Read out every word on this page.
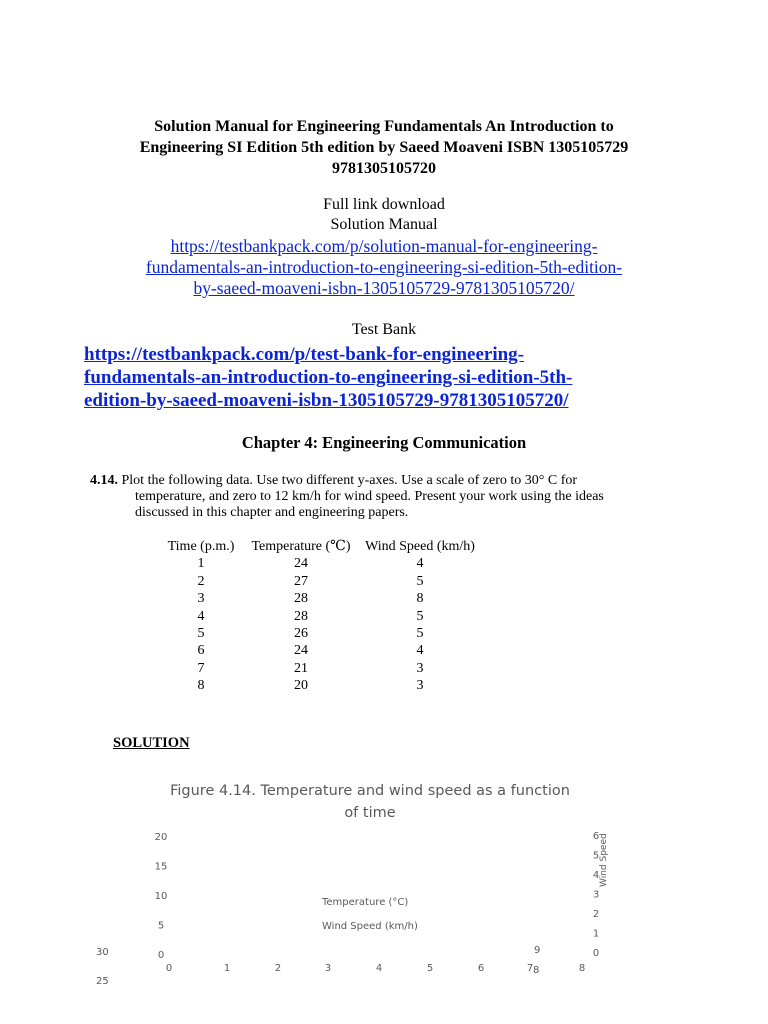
Solution Manual for Engineering Fundamentals An Introduction to
Engineering SI Edition 5th edition by Saeed Moaveni ISBN 1305105729
9781305105720
Full link download
Solution Manual
https://testbankpack.com/p/solution-manual-for-engineering-
fundamentals-an-introduction-to-engineering-si-edition-5th-edition-
by-saeed-moaveni-isbn-1305105729-9781305105720/
Test Bank
https://testbankpack.com/p/test-bank-for-engineering-
fundamentals-an-introduction-to-engineering-si-edition-5th-
edition-by-saeed-moaveni-isbn-1305105729-9781305105720/
Chapter 4: Engineering Communication
4.14. Plot the following data. Use two different y-axes. Use a scale of zero to 30° C for
temperature, and zero to 12 km/h for wind speed. Present your work using the ideas
discussed in this chapter and engineering papers.
Time (p.m.)	Temperature (℃)	Wind Speed (km/h)
1	24	4
2	27	5
3	28	8
4	28	5
5	26	5
6	24	4
7	21	3
8	20	3
SOLUTION
Figure 4.14. Temperature and wind speed as a function
of time
20
15
10
5
0
6
5
4
3
2
1
0
0	1	2	3	4	5	6	7	8
Wind Speed
Temperature (°C)
Wind Speed (km/h)
30
25
9
8
